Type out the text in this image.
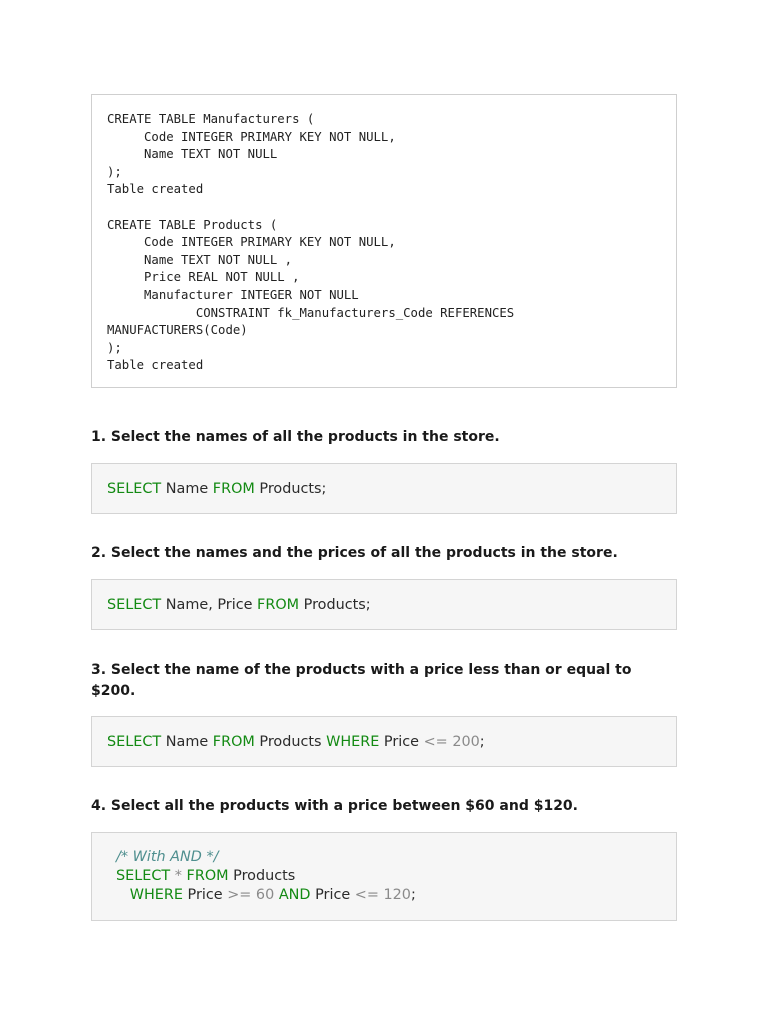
CREATE TABLE Manufacturers (
Code INTEGER PRIMARY KEY NOT NULL,
Name TEXT NOT NULL
);
Table created
CREATE TABLE Products (
Code INTEGER PRIMARY KEY NOT NULL,
Name TEXT NOT NULL ,
Price REAL NOT NULL ,
Manufacturer INTEGER NOT NULL
CONSTRAINT fk_Manufacturers_Code REFERENCES
MANUFACTURERS(Code)
);
Table created
1. Select the names of all the products in the store.
SELECT Name FROM Products;
2. Select the names and the prices of all the products in the store.
SELECT Name, Price FROM Products;
3. Select the name of the products with a price less than or equal to $200.
SELECT Name FROM Products WHERE Price <= 200;
4. Select all the products with a price between $60 and $120.
/* With AND */
SELECT * FROM Products
WHERE Price >= 60 AND Price <= 120;
